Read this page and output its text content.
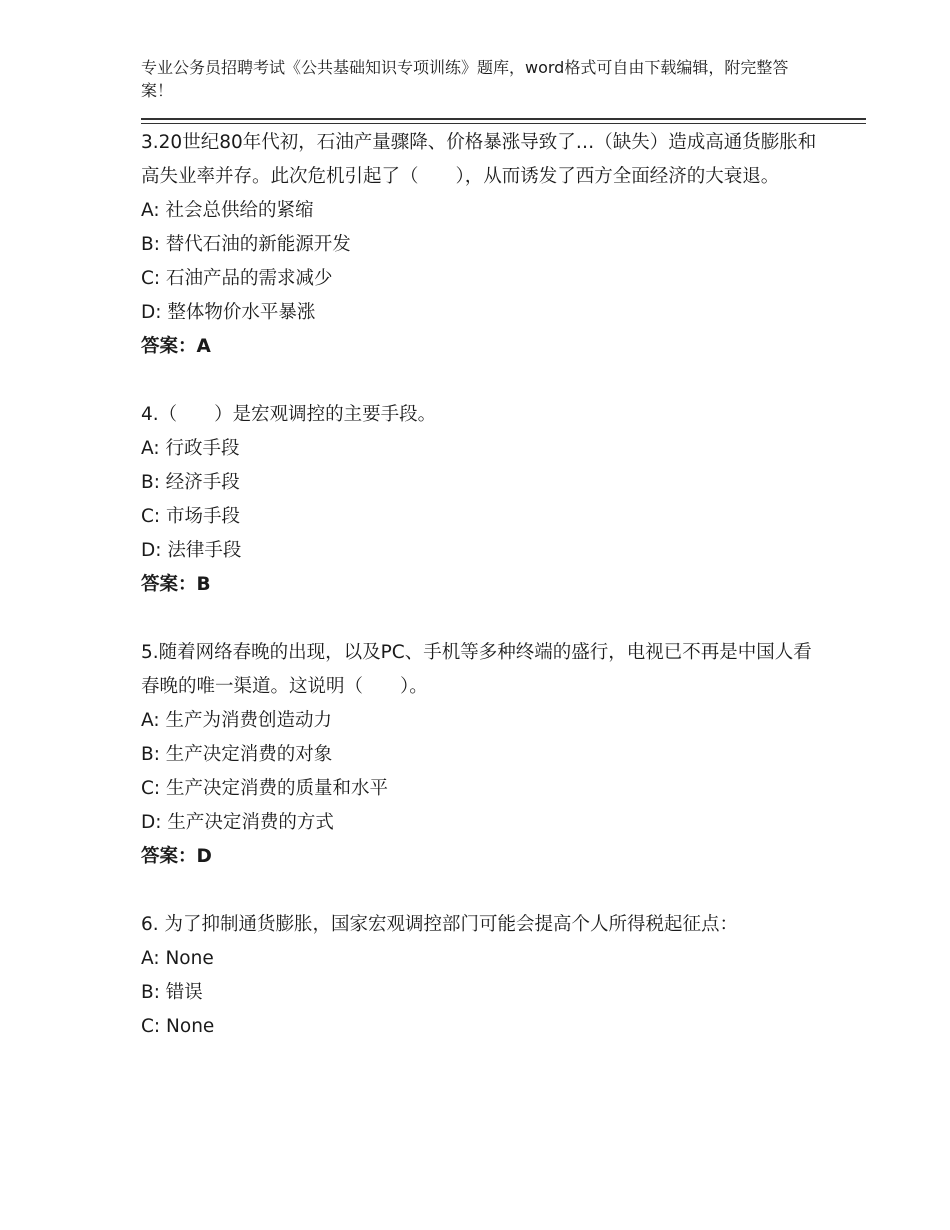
专业公务员招聘考试《公共基础知识专项训练》题库，word格式可自由下载编辑，附完整答案！

3.20世纪80年代初，石油产量骤降、价格暴涨导致了…（缺失）造成高通货膨胀和高失业率并存。此次危机引起了（　　），从而诱发了西方全面经济的大衰退。

A: 社会总供给的紧缩

B: 替代石油的新能源开发

C: 石油产品的需求减少

D: 整体物价水平暴涨

答案：A

4.（　　）是宏观调控的主要手段。

A: 行政手段

B: 经济手段

C: 市场手段

D: 法律手段

答案：B

5.随着网络春晚的出现，以及PC、手机等多种终端的盛行，电视已不再是中国人看春晚的唯一渠道。这说明（　　）。

A: 生产为消费创造动力

B: 生产决定消费的对象

C: 生产决定消费的质量和水平

D: 生产决定消费的方式

答案：D

6. 为了抑制通货膨胀，国家宏观调控部门可能会提高个人所得税起征点：

A: None

B: 错误

C: None
